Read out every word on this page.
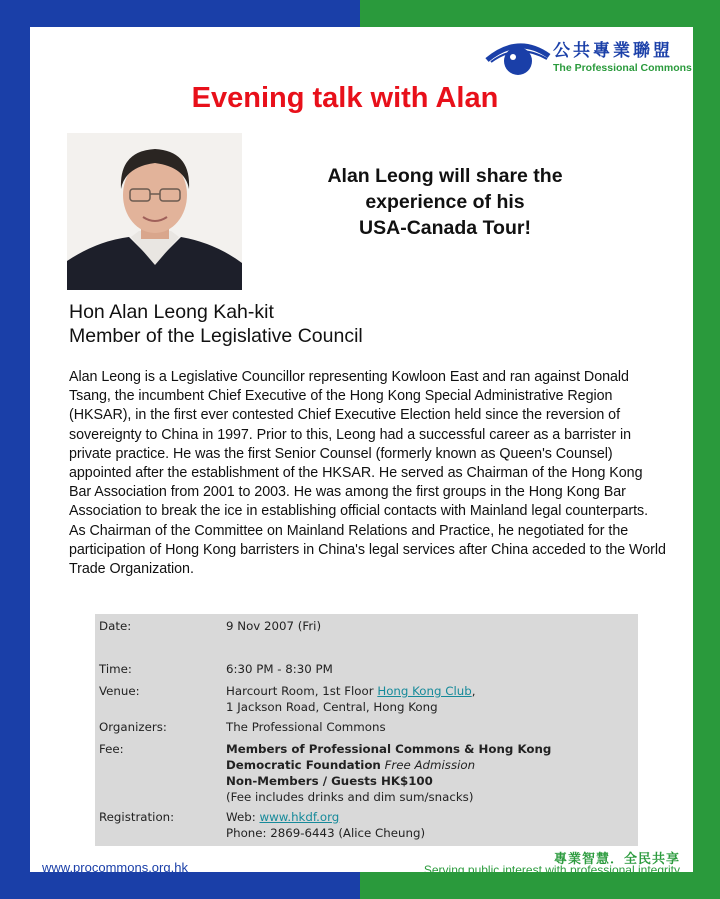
公共專業聯盟
The Professional Commons
Evening talk with Alan
Alan Leong will share the
experience of his
USA-Canada Tour!
Hon Alan Leong Kah-kit
Member of the Legislative Council
Alan Leong is a Legislative Councillor representing Kowloon East and ran against Donald Tsang, the incumbent Chief Executive of the Hong Kong Special Administrative Region (HKSAR), in the first ever contested Chief Executive Election held since the reversion of sovereignty to China in 1997. Prior to this, Leong had a successful career as a barrister in private practice. He was the first Senior Counsel (formerly known as Queen's Counsel) appointed after the establishment of the HKSAR. He served as Chairman of the Hong Kong Bar Association from 2001 to 2003. He was among the first groups in the Hong Kong Bar Association to break the ice in establishing official contacts with Mainland legal counterparts. As Chairman of the Committee on Mainland Relations and Practice, he negotiated for the participation of Hong Kong barristers in China's legal services after China acceded to the World Trade Organization.
Date:	9 Nov 2007 (Fri)
Time:	6:30 PM - 8:30 PM
Venue:	Harcourt Room, 1st Floor Hong Kong Club,
1 Jackson Road, Central, Hong Kong
Organizers:	The Professional Commons
Fee:	Members of Professional Commons & Hong Kong Democratic Foundation Free Admission
Non-Members / Guests HK$100
(Fee includes drinks and dim sum/snacks)
Registration:	Web: www.hkdf.org
Phone: 2869-6443 (Alice Cheung)
www.procommons.org.hk
專業智慧．全民共享
Serving public interest with professional integrity
